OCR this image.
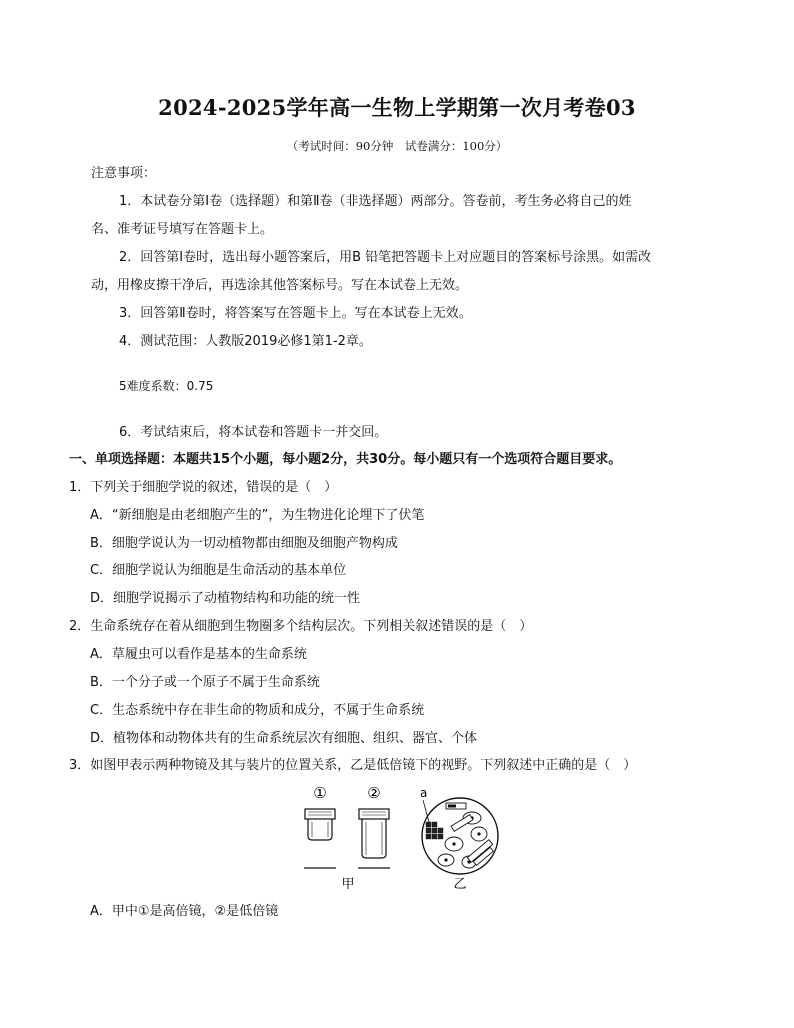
2024-2025学年高一生物上学期第一次月考卷03
（考试时间：90分钟　试卷满分：100分）
注意事项：
1．本试卷分第Ⅰ卷（选择题）和第Ⅱ卷（非选择题）两部分。答卷前，考生务必将自己的姓
名、准考证号填写在答题卡上。
2．回答第Ⅰ卷时，选出每小题答案后，用B 铅笔把答题卡上对应题目的答案标号涂黑。如需改
动，用橡皮擦干净后，再选涂其他答案标号。写在本试卷上无效。
3．回答第Ⅱ卷时，将答案写在答题卡上。写在本试卷上无效。
4．测试范围：人教版2019必修1第1-2章。
5难度系数：0.75
6．考试结束后，将本试卷和答题卡一并交回。
一、单项选择题：本题共15个小题，每小题2分，共30分。每小题只有一个选项符合题目要求。
1．下列关于细胞学说的叙述，错误的是（　）
A．“新细胞是由老细胞产生的”，为生物进化论埋下了伏笔
B．细胞学说认为一切动植物都由细胞及细胞产物构成
C．细胞学说认为细胞是生命活动的基本单位
D．细胞学说揭示了动植物结构和功能的统一性
2．生命系统存在着从细胞到生物圈多个结构层次。下列相关叙述错误的是（　）
A．草履虫可以看作是基本的生命系统
B．一个分子或一个原子不属于生命系统
C．生态系统中存在非生命的物质和成分，不属于生命系统
D．植物体和动物体共有的生命系统层次有细胞、组织、器官、个体
3．如图甲表示两种物镜及其与装片的位置关系，乙是低倍镜下的视野。下列叙述中正确的是（　）
①	②
甲
a
乙
A．甲中①是高倍镜，②是低倍镜
